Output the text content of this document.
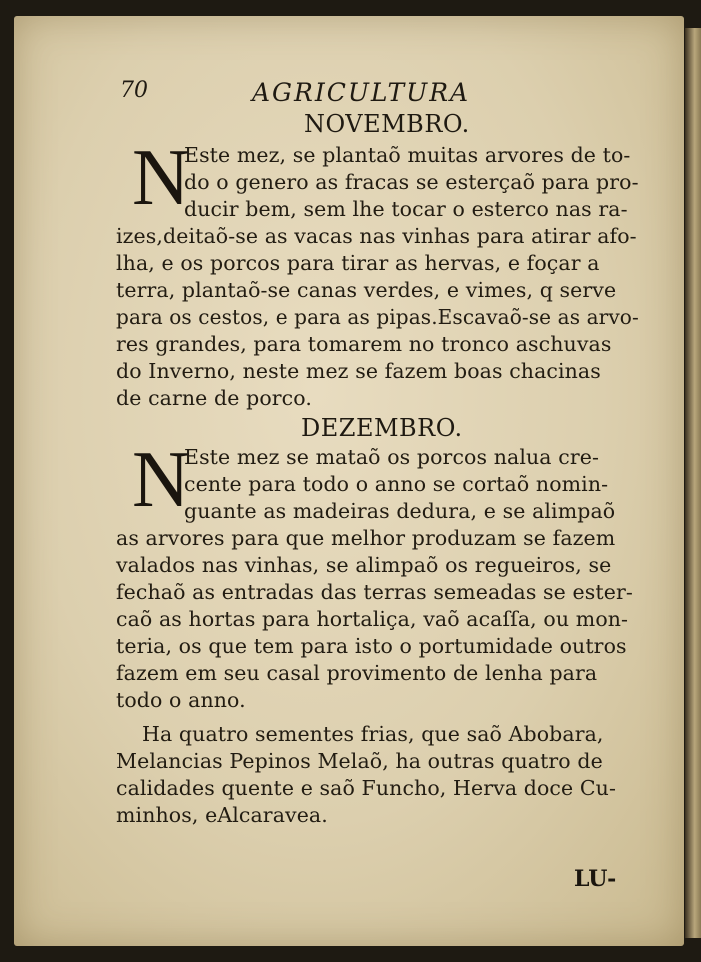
70	AGRICULTURA
NOVEMBRO.
N
Este mez, se plantaõ muitas arvores de to-
do o genero as fracas se esterçaõ para pro-
ducir bem, sem lhe tocar o esterco nas ra-
izes,deitaõ-se as vacas nas vinhas para atirar afo-
lha, e os porcos para tirar as hervas, e foçar a
terra, plantaõ-se canas verdes, e vimes, q serve
para os cestos, e para as pipas.Escavaõ-se as arvo-
res grandes, para tomarem no tronco aschuvas
do Inverno, neste mez se fazem boas chacinas
de carne de porco.
DEZEMBRO.
N
Este mez se mataõ os porcos nalua cre-
cente para todo o anno se cortaõ nomin-
guante as madeiras dedura, e se alimpaõ
as arvores para que melhor produzam se fazem
valados nas vinhas, se alimpaõ os regueiros, se
fechaõ as entradas das terras semeadas se ester-
caõ as hortas para hortaliça, vaõ acaſſa, ou mon-
teria, os que tem para isto o portumidade outros
fazem em seu casal provimento de lenha para
todo o anno.
Ha quatro sementes frias, que saõ Abobara,
Melancias Pepinos Melaõ, ha outras quatro de
calidades quente e saõ Funcho, Herva doce Cu-
minhos, eAlcaravea.
LU-
